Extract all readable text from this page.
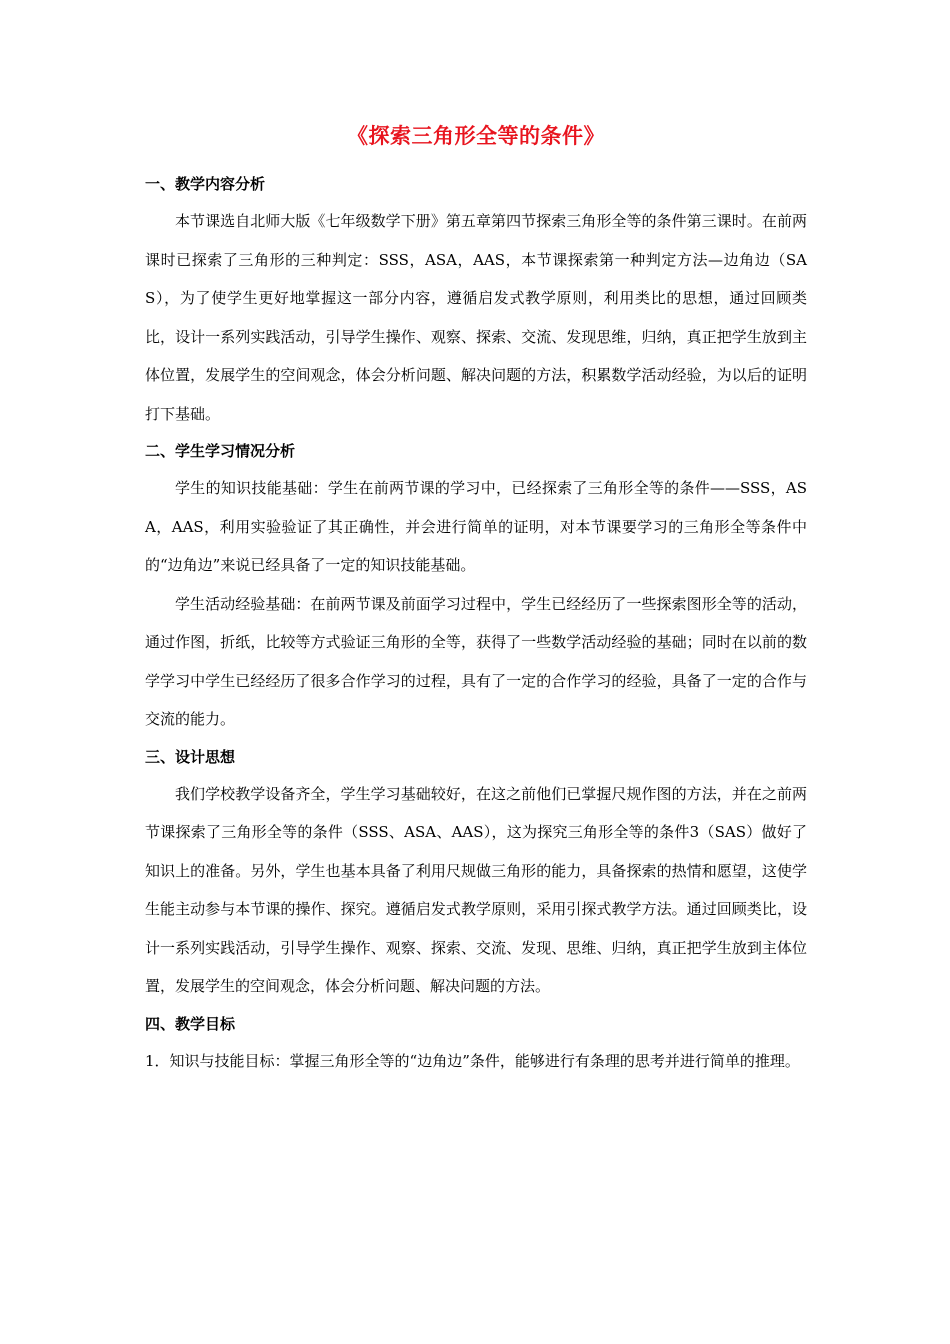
《探索三角形全等的条件》
一、教学内容分析

本节课选自北师大版《七年级数学下册》第五章第四节探索三角形全等的条件第三课时。在前两课时已探索了三角形的三种判定：SSS，ASA，AAS，本节课探索第一种判定方法—边角边（SAS），为了使学生更好地掌握这一部分内容，遵循启发式教学原则，利用类比的思想，通过回顾类比，设计一系列实践活动，引导学生操作、观察、探索、交流、发现思维，归纳，真正把学生放到主体位置，发展学生的空间观念，体会分析问题、解决问题的方法，积累数学活动经验，为以后的证明打下基础。

二、学生学习情况分析

学生的知识技能基础：学生在前两节课的学习中，已经探索了三角形全等的条件——SSS，ASA，AAS，利用实验验证了其正确性，并会进行简单的证明，对本节课要学习的三角形全等条件中的“边角边”来说已经具备了一定的知识技能基础。

学生活动经验基础：在前两节课及前面学习过程中，学生已经经历了一些探索图形全等的活动，通过作图，折纸，比较等方式验证三角形的全等，获得了一些数学活动经验的基础；同时在以前的数学学习中学生已经经历了很多合作学习的过程，具有了一定的合作学习的经验，具备了一定的合作与交流的能力。

三、设计思想

我们学校教学设备齐全，学生学习基础较好，在这之前他们已掌握尺规作图的方法，并在之前两节课探索了三角形全等的条件（SSS、ASA、AAS），这为探究三角形全等的条件3（SAS）做好了知识上的准备。另外，学生也基本具备了利用尺规做三角形的能力，具备探索的热情和愿望，这使学生能主动参与本节课的操作、探究。遵循启发式教学原则，采用引探式教学方法。通过回顾类比，设计一系列实践活动，引导学生操作、观察、探索、交流、发现、思维、归纳，真正把学生放到主体位置，发展学生的空间观念，体会分析问题、解决问题的方法。

四、教学目标

1．知识与技能目标：掌握三角形全等的“边角边”条件，能够进行有条理的思考并进行简单的推理。
